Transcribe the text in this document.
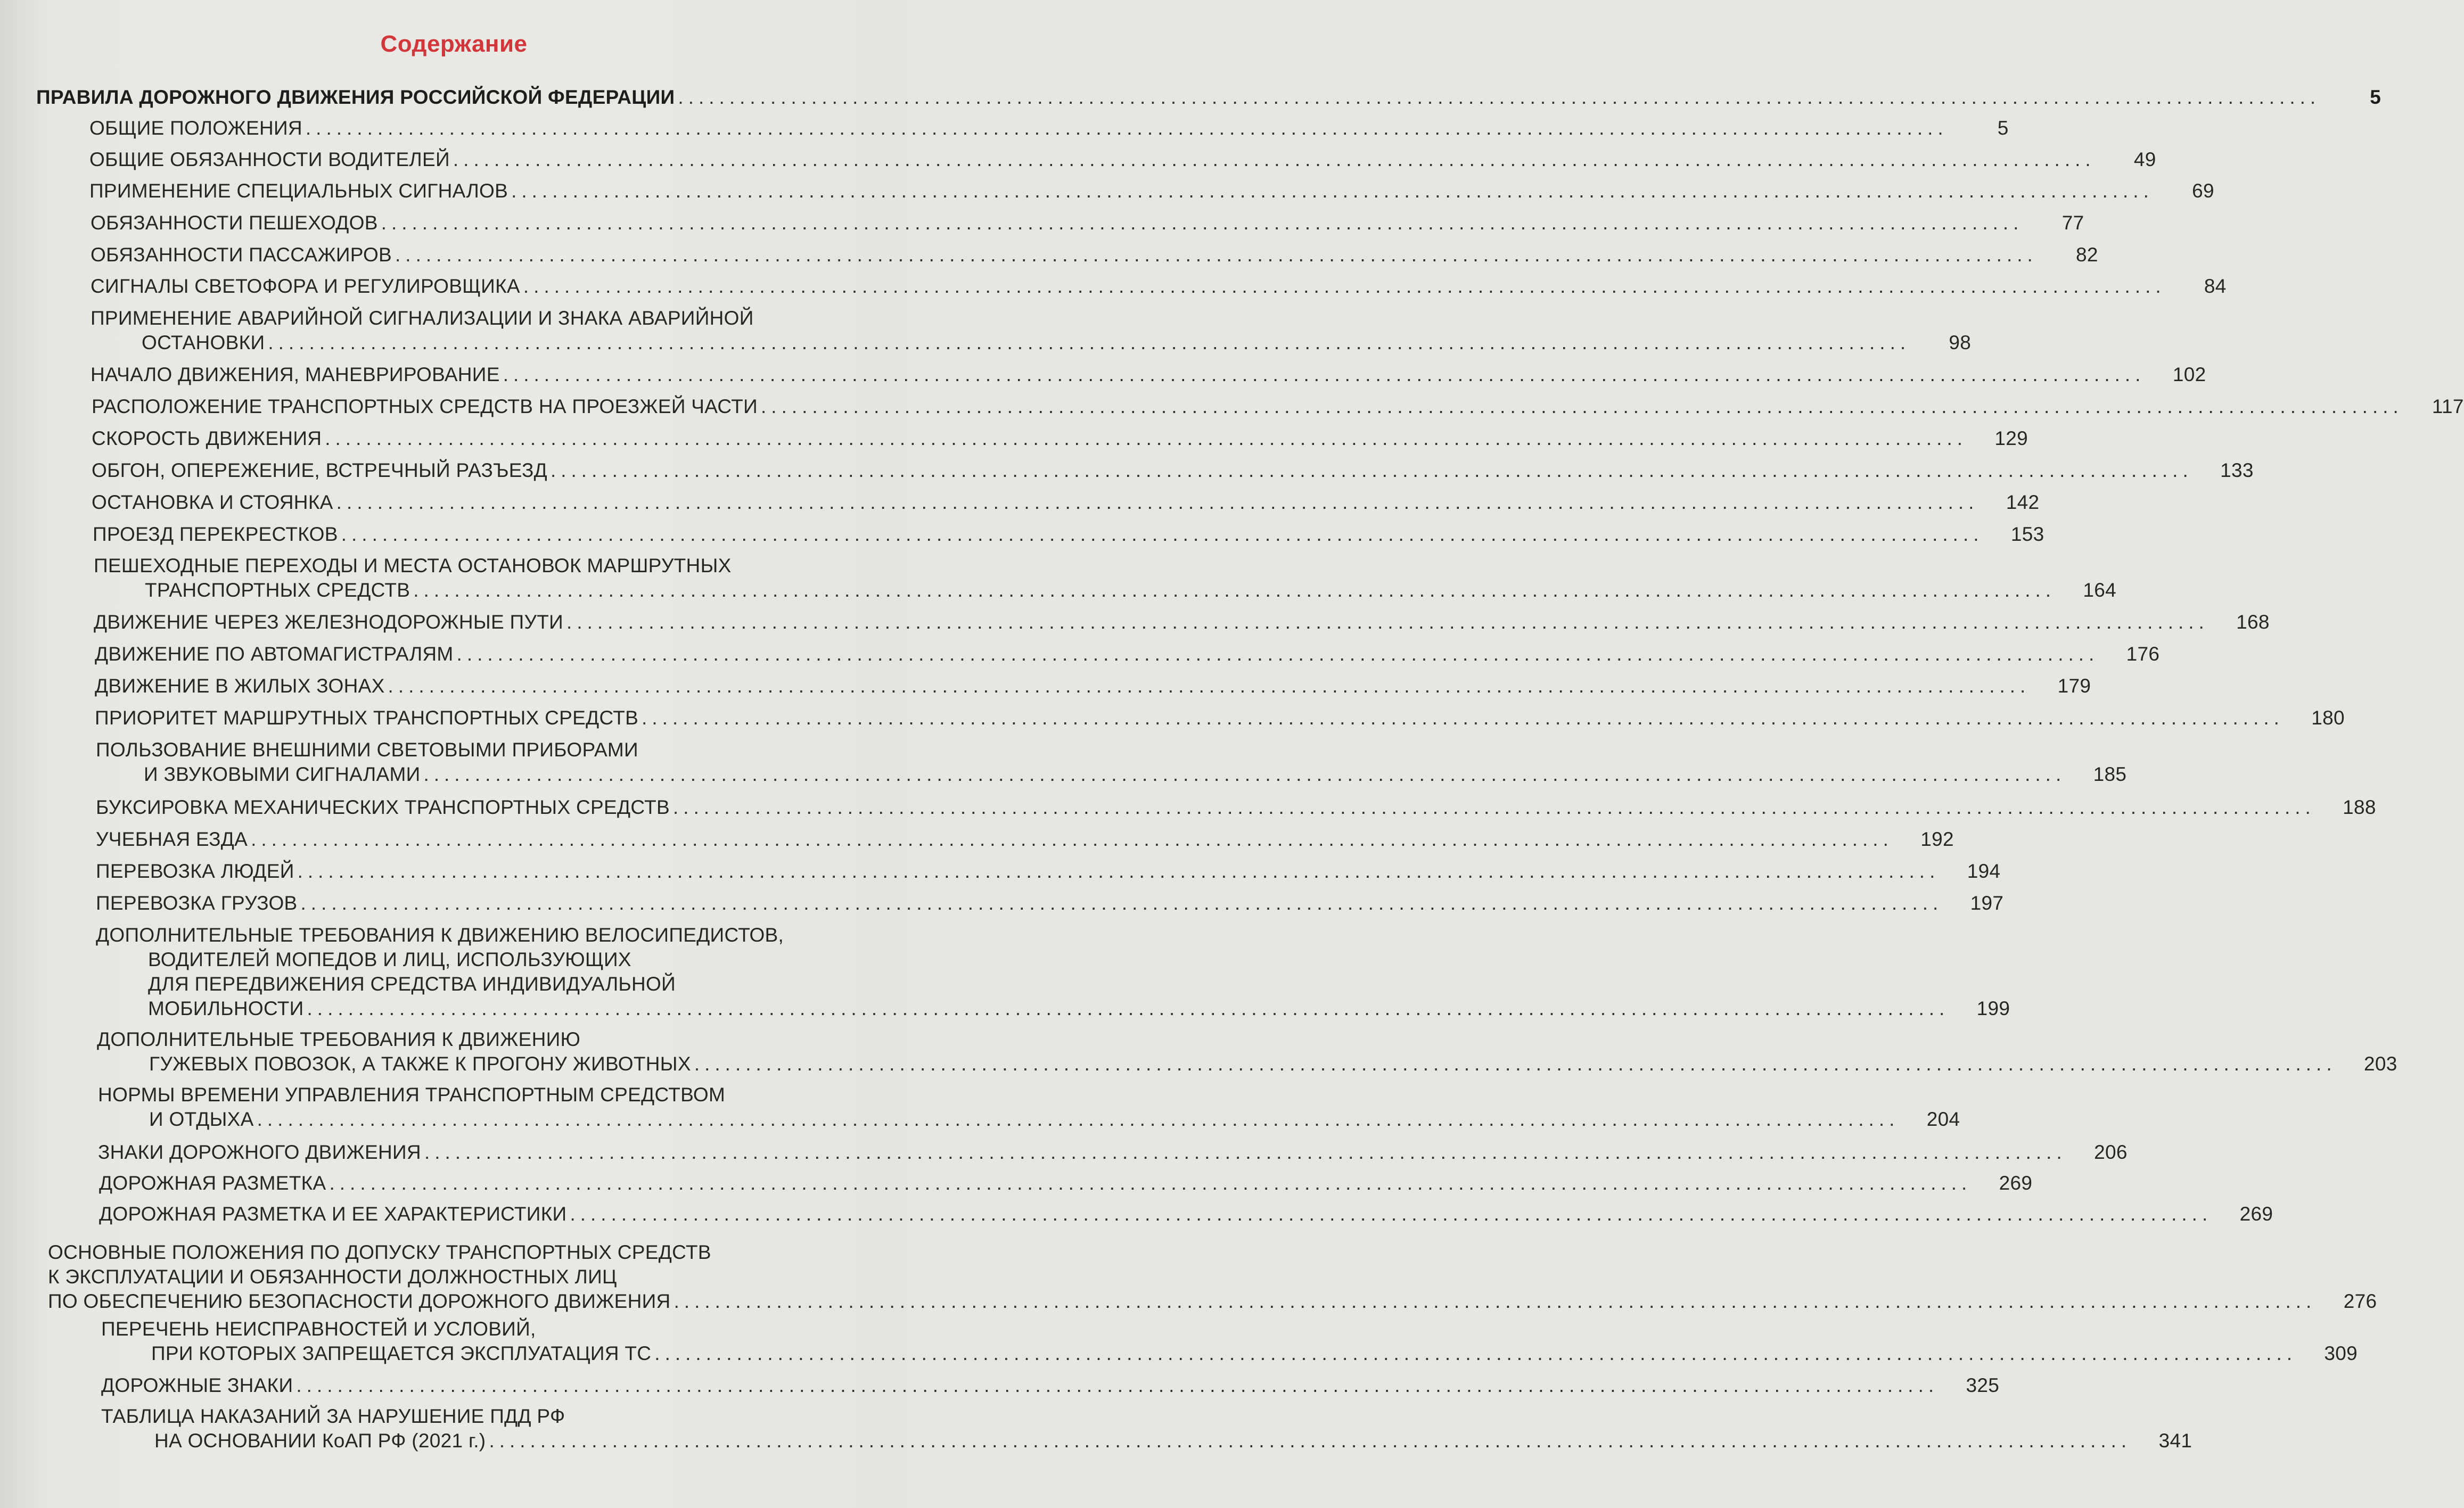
Содержание
ПРАВИЛА ДОРОЖНОГО ДВИЖЕНИЯ РОССИЙСКОЙ ФЕДЕРАЦИИ ................................................................................................................................................................	5
ОБЩИЕ ПОЛОЖЕНИЯ ................................................................................................................................................................	5
ОБЩИЕ ОБЯЗАННОСТИ ВОДИТЕЛЕЙ ................................................................................................................................................................	49
ПРИМЕНЕНИЕ СПЕЦИАЛЬНЫХ СИГНАЛОВ ................................................................................................................................................................	69
ОБЯЗАННОСТИ ПЕШЕХОДОВ ................................................................................................................................................................	77
ОБЯЗАННОСТИ ПАССАЖИРОВ ................................................................................................................................................................	82
СИГНАЛЫ СВЕТОФОРА И РЕГУЛИРОВЩИКА ................................................................................................................................................................	84
ПРИМЕНЕНИЕ АВАРИЙНОЙ СИГНАЛИЗАЦИИ И ЗНАКА АВАРИЙНОЙ
ОСТАНОВКИ ................................................................................................................................................................	98
НАЧАЛО ДВИЖЕНИЯ, МАНЕВРИРОВАНИЕ ................................................................................................................................................................	102
РАСПОЛОЖЕНИЕ ТРАНСПОРТНЫХ СРЕДСТВ НА ПРОЕЗЖЕЙ ЧАСТИ ................................................................................................................................................................	117
СКОРОСТЬ ДВИЖЕНИЯ ................................................................................................................................................................	129
ОБГОН, ОПЕРЕЖЕНИЕ, ВСТРЕЧНЫЙ РАЗЪЕЗД ................................................................................................................................................................	133
ОСТАНОВКА И СТОЯНКА ................................................................................................................................................................	142
ПРОЕЗД ПЕРЕКРЕСТКОВ ................................................................................................................................................................	153
ПЕШЕХОДНЫЕ ПЕРЕХОДЫ И МЕСТА ОСТАНОВОК МАРШРУТНЫХ
ТРАНСПОРТНЫХ СРЕДСТВ ................................................................................................................................................................	164
ДВИЖЕНИЕ ЧЕРЕЗ ЖЕЛЕЗНОДОРОЖНЫЕ ПУТИ ................................................................................................................................................................	168
ДВИЖЕНИЕ ПО АВТОМАГИСТРАЛЯМ ................................................................................................................................................................	176
ДВИЖЕНИЕ В ЖИЛЫХ ЗОНАХ ................................................................................................................................................................	179
ПРИОРИТЕТ МАРШРУТНЫХ ТРАНСПОРТНЫХ СРЕДСТВ ................................................................................................................................................................	180
ПОЛЬЗОВАНИЕ ВНЕШНИМИ СВЕТОВЫМИ ПРИБОРАМИ
И ЗВУКОВЫМИ СИГНАЛАМИ ................................................................................................................................................................	185
БУКСИРОВКА МЕХАНИЧЕСКИХ ТРАНСПОРТНЫХ СРЕДСТВ ................................................................................................................................................................	188
УЧЕБНАЯ ЕЗДА ................................................................................................................................................................	192
ПЕРЕВОЗКА ЛЮДЕЙ ................................................................................................................................................................	194
ПЕРЕВОЗКА ГРУЗОВ ................................................................................................................................................................	197
ДОПОЛНИТЕЛЬНЫЕ ТРЕБОВАНИЯ К ДВИЖЕНИЮ ВЕЛОСИПЕДИСТОВ,
ВОДИТЕЛЕЙ МОПЕДОВ И ЛИЦ, ИСПОЛЬЗУЮЩИХ
ДЛЯ ПЕРЕДВИЖЕНИЯ СРЕДСТВА ИНДИВИДУАЛЬНОЙ
МОБИЛЬНОСТИ ................................................................................................................................................................	199
ДОПОЛНИТЕЛЬНЫЕ ТРЕБОВАНИЯ К ДВИЖЕНИЮ
ГУЖЕВЫХ ПОВОЗОК, А ТАКЖЕ К ПРОГОНУ ЖИВОТНЫХ ................................................................................................................................................................	203
НОРМЫ ВРЕМЕНИ УПРАВЛЕНИЯ ТРАНСПОРТНЫМ СРЕДСТВОМ
И ОТДЫХА ................................................................................................................................................................	204
ЗНАКИ ДОРОЖНОГО ДВИЖЕНИЯ ................................................................................................................................................................	206
ДОРОЖНАЯ РАЗМЕТКА ................................................................................................................................................................	269
ДОРОЖНАЯ РАЗМЕТКА И ЕЕ ХАРАКТЕРИСТИКИ ................................................................................................................................................................	269
ОСНОВНЫЕ ПОЛОЖЕНИЯ ПО ДОПУСКУ ТРАНСПОРТНЫХ СРЕДСТВ
К ЭКСПЛУАТАЦИИ И ОБЯЗАННОСТИ ДОЛЖНОСТНЫХ ЛИЦ
ПО ОБЕСПЕЧЕНИЮ БЕЗОПАСНОСТИ ДОРОЖНОГО ДВИЖЕНИЯ ................................................................................................................................................................	276
ПЕРЕЧЕНЬ НЕИСПРАВНОСТЕЙ И УСЛОВИЙ,
ПРИ КОТОРЫХ ЗАПРЕЩАЕТСЯ ЭКСПЛУАТАЦИЯ ТС ................................................................................................................................................................	309
ДОРОЖНЫЕ ЗНАКИ ................................................................................................................................................................	325
ТАБЛИЦА НАКАЗАНИЙ ЗА НАРУШЕНИЕ ПДД РФ
НА ОСНОВАНИИ КоАП РФ (2021 г.) ................................................................................................................................................................	341
